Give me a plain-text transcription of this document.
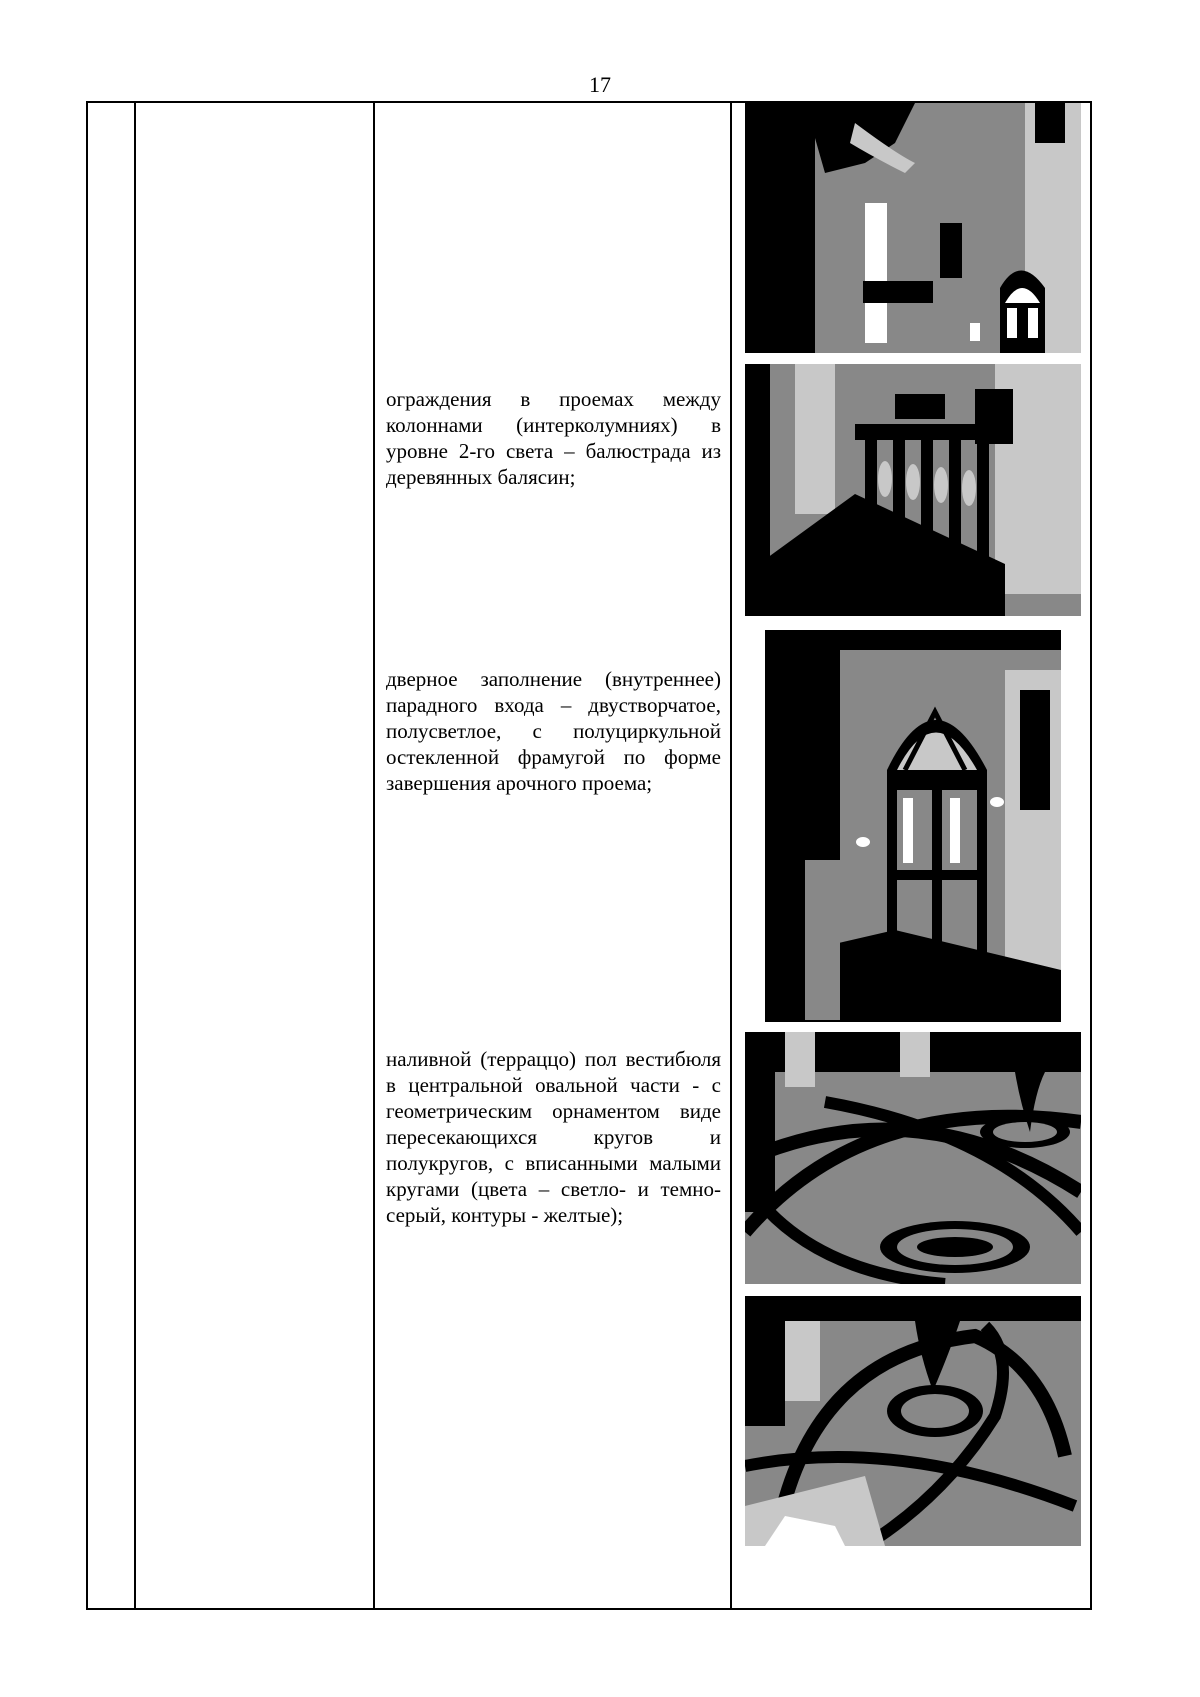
17

ограждения в проемах между колоннами (интерколумниях) в уровне 2-го света – балюстрада из деревянных балясин;

дверное заполнение (внутреннее) парадного входа – двустворчатое, полусветлое, с полуциркульной остекленной фрамугой по форме завершения арочного проема;

наливной (терраццо) пол вестибюля в центральной овальной части - с геометрическим орнаментом виде пересекающихся кругов и полукругов, с вписанными малыми кругами (цвета – светло- и темно-серый, контуры - желтые);
